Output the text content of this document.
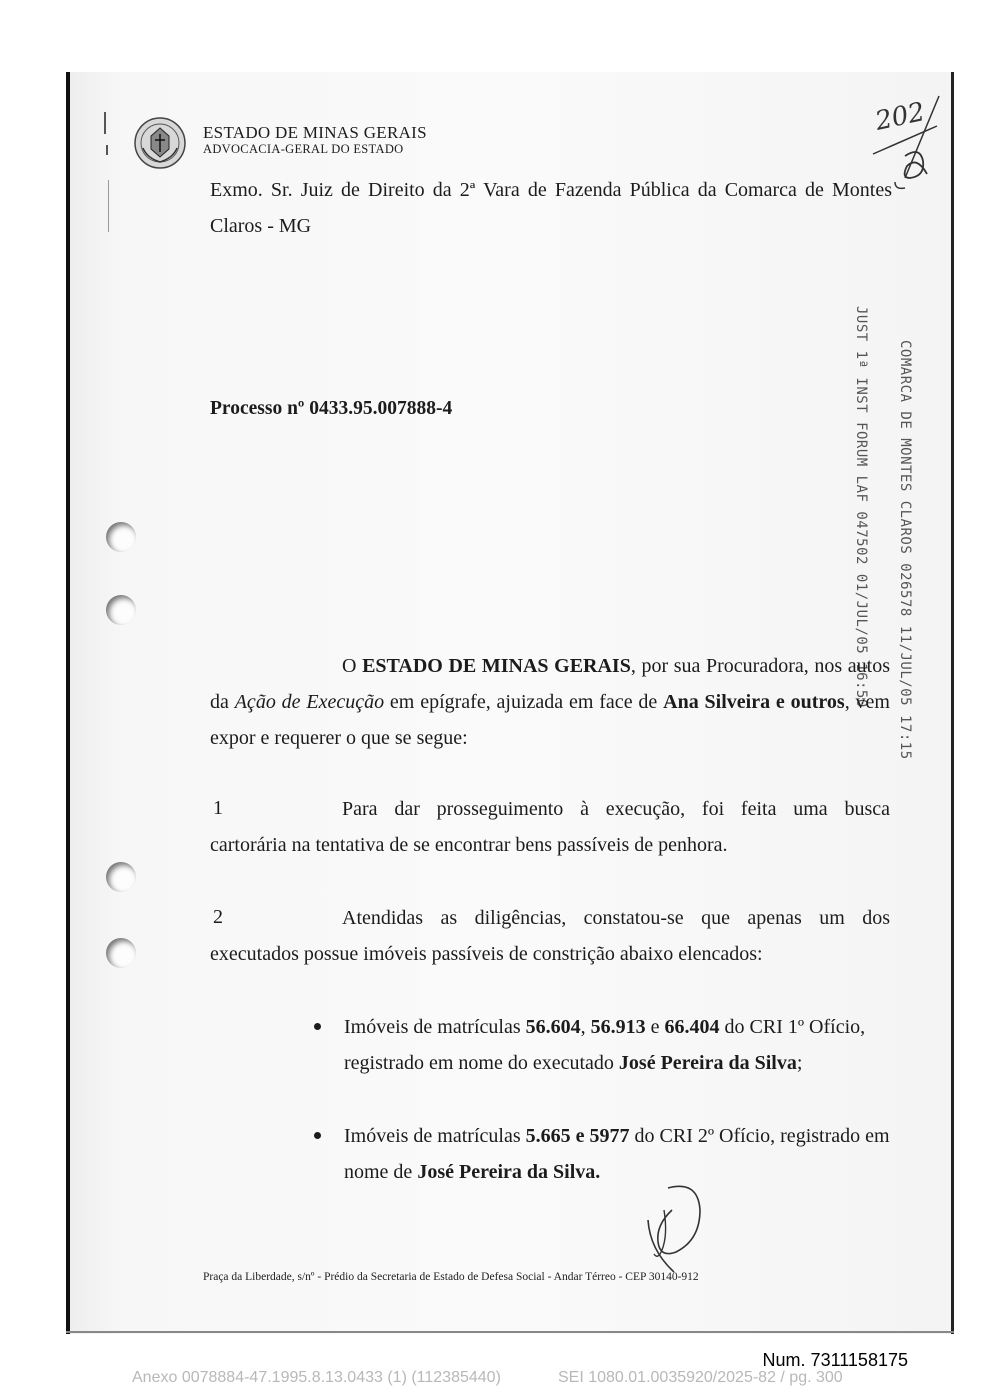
ESTADO DE MINAS GERAIS
ADVOCACIA-GERAL DO ESTADO
202
Exmo. Sr. Juiz de Direito da 2ª Vara de Fazenda Pública da Comarca de Montes
Claros - MG
Processo nº 0433.95.007888-4	JUST 1ª INST FORUM LAF 047502 01/JUL/05 16:50 COMARCA DE MONTES CLAROS 026578 11/JUL/05 17:15
O ESTADO DE MINAS GERAIS, por sua Procuradora, nos autos da Ação de Execução em epígrafe, ajuizada em face de Ana Silveira e outros, vem expor e requerer o que se segue:
1	Para dar prosseguimento à execução, foi feita uma busca
cartorária na tentativa de se encontrar bens passíveis de penhora.
2	Atendidas as diligências, constatou-se que apenas um dos
executados possue imóveis passíveis de constrição abaixo elencados:
Imóveis de matrículas 56.604, 56.913 e 66.404 do CRI 1º Ofício, registrado em nome do executado José Pereira da Silva;
Imóveis de matrículas 5.665 e 5977 do CRI 2º Ofício, registrado em nome de José Pereira da Silva.
Praça da Liberdade, s/nº - Prédio da Secretaria de Estado de Defesa Social - Andar Térreo - CEP 30140-912
Num. 7311158175
Anexo 0078884-47.1995.8.13.0433 (1) (112385440)	SEI 1080.01.0035920/2025-82 / pg. 300
